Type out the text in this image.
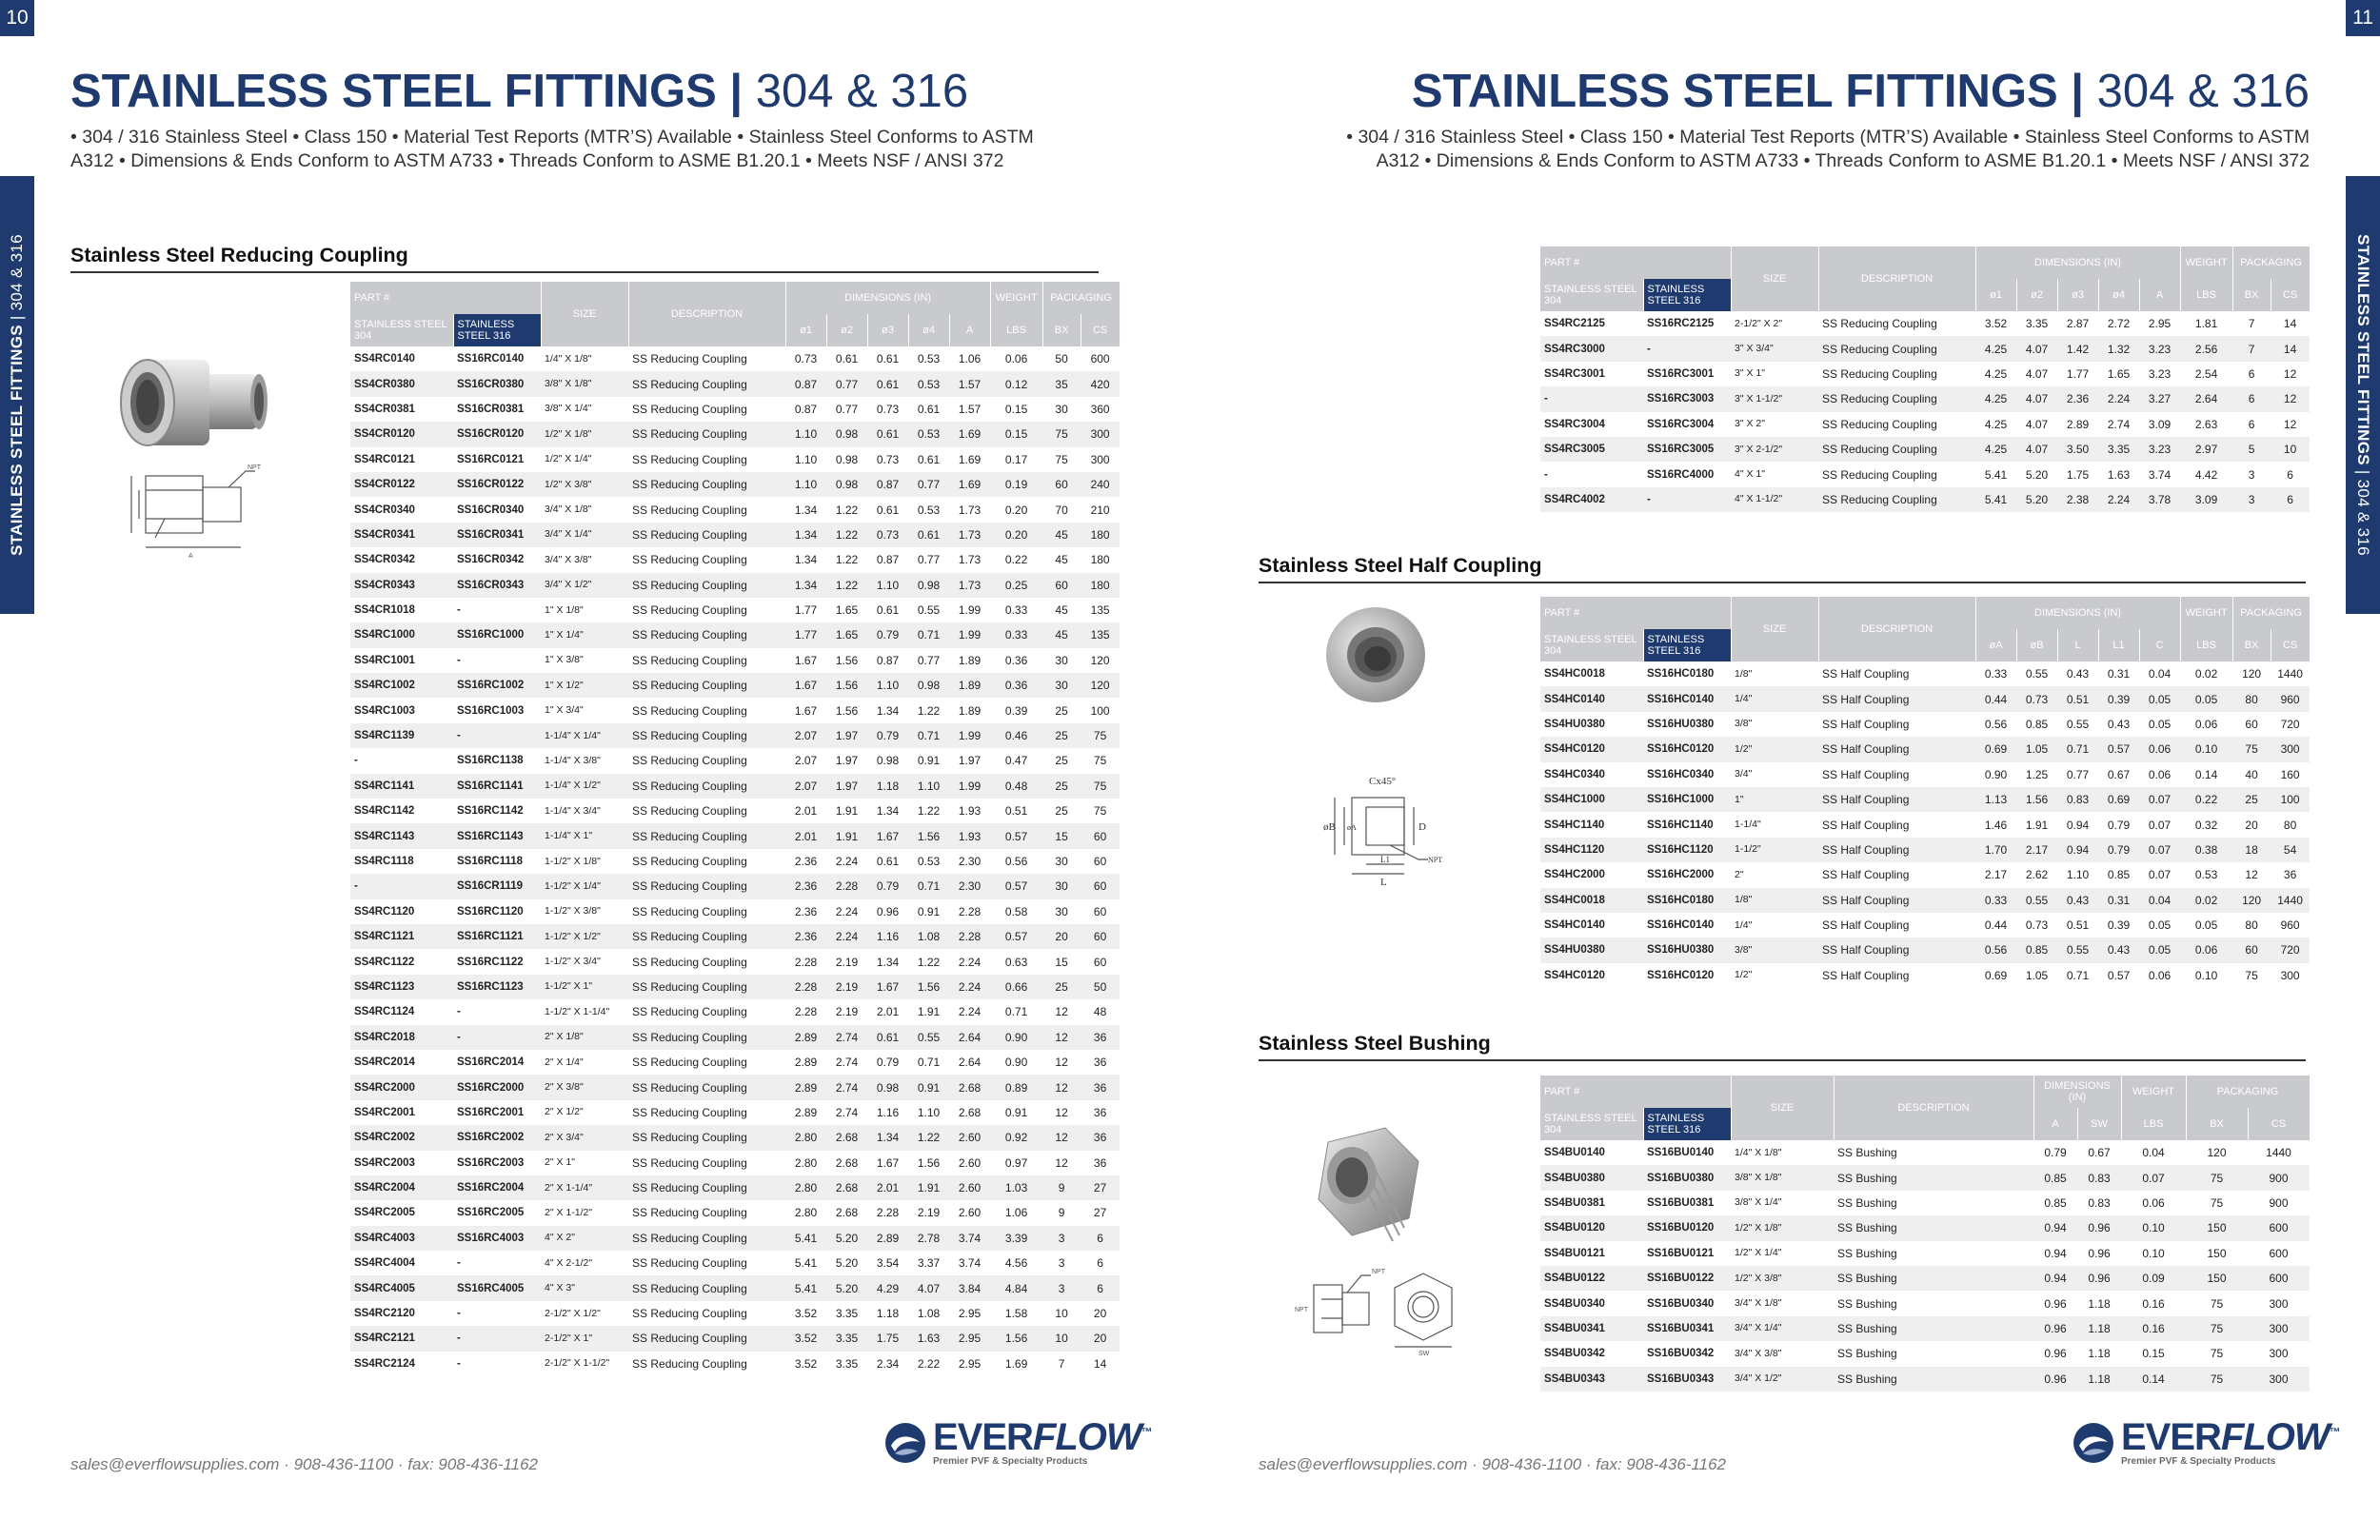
10	11
STAINLESS STEEL FITTINGS | 304 & 316	STAINLESS STEEL FITTINGS | 304 & 316
STAINLESS STEEL FITTINGS | 304 & 316	STAINLESS STEEL FITTINGS | 304 & 316
• 304 / 316 Stainless Steel • Class 150 • Material Test Reports (MTR’S) Available • Stainless Steel Conforms to ASTM
A312 • Dimensions & Ends Conform to ASTM A733 • Threads Conform to ASME B1.20.1 • Meets NSF / ANSI 372
• 304 / 316 Stainless Steel • Class 150 • Material Test Reports (MTR’S) Available • Stainless Steel Conforms to ASTM
A312 • Dimensions & Ends Conform to ASTM A733 • Threads Conform to ASME B1.20.1 • Meets NSF / ANSI 372
Stainless Steel Reducing Coupling
Stainless Steel Half Coupling
Stainless Steel Bushing
A
NPT
Cx45°
øB øA	D
L
L1	NPT
NPT
NPT
SW
PART #		SIZE	DESCRIPTION	DIMENSIONS (IN)					WEIGHT	PACKAGING	
STAINLESS STEEL 304	STAINLESS STEEL 316			ø1	ø2	ø3	ø4	A	LBS	BX	CS
SS4RC0140	SS16RC0140	1/4" X 1/8"	SS Reducing Coupling	0.73	0.61	0.61	0.53	1.06	0.06	50	600
SS4CR0380	SS16CR0380	3/8" X 1/8"	SS Reducing Coupling	0.87	0.77	0.61	0.53	1.57	0.12	35	420
SS4CR0381	SS16CR0381	3/8" X 1/4"	SS Reducing Coupling	0.87	0.77	0.73	0.61	1.57	0.15	30	360
SS4CR0120	SS16CR0120	1/2" X 1/8"	SS Reducing Coupling	1.10	0.98	0.61	0.53	1.69	0.15	75	300
SS4RC0121	SS16RC0121	1/2" X 1/4"	SS Reducing Coupling	1.10	0.98	0.73	0.61	1.69	0.17	75	300
SS4CR0122	SS16CR0122	1/2" X 3/8"	SS Reducing Coupling	1.10	0.98	0.87	0.77	1.69	0.19	60	240
SS4CR0340	SS16CR0340	3/4" X 1/8"	SS Reducing Coupling	1.34	1.22	0.61	0.53	1.73	0.20	70	210
SS4CR0341	SS16CR0341	3/4" X 1/4"	SS Reducing Coupling	1.34	1.22	0.73	0.61	1.73	0.20	45	180
SS4CR0342	SS16CR0342	3/4" X 3/8"	SS Reducing Coupling	1.34	1.22	0.87	0.77	1.73	0.22	45	180
SS4CR0343	SS16CR0343	3/4" X 1/2"	SS Reducing Coupling	1.34	1.22	1.10	0.98	1.73	0.25	60	180
SS4CR1018	-	1" X 1/8"	SS Reducing Coupling	1.77	1.65	0.61	0.55	1.99	0.33	45	135
SS4RC1000	SS16RC1000	1" X 1/4"	SS Reducing Coupling	1.77	1.65	0.79	0.71	1.99	0.33	45	135
SS4RC1001	-	1" X 3/8"	SS Reducing Coupling	1.67	1.56	0.87	0.77	1.89	0.36	30	120
SS4RC1002	SS16RC1002	1" X 1/2"	SS Reducing Coupling	1.67	1.56	1.10	0.98	1.89	0.36	30	120
SS4RC1003	SS16RC1003	1" X 3/4"	SS Reducing Coupling	1.67	1.56	1.34	1.22	1.89	0.39	25	100
SS4RC1139	-	1-1/4" X 1/4"	SS Reducing Coupling	2.07	1.97	0.79	0.71	1.99	0.46	25	75
-	SS16RC1138	1-1/4" X 3/8"	SS Reducing Coupling	2.07	1.97	0.98	0.91	1.97	0.47	25	75
SS4RC1141	SS16RC1141	1-1/4" X 1/2"	SS Reducing Coupling	2.07	1.97	1.18	1.10	1.99	0.48	25	75
SS4RC1142	SS16RC1142	1-1/4" X 3/4"	SS Reducing Coupling	2.01	1.91	1.34	1.22	1.93	0.51	25	75
SS4RC1143	SS16RC1143	1-1/4" X 1"	SS Reducing Coupling	2.01	1.91	1.67	1.56	1.93	0.57	15	60
SS4RC1118	SS16RC1118	1-1/2" X 1/8"	SS Reducing Coupling	2.36	2.24	0.61	0.53	2.30	0.56	30	60
-	SS16CR1119	1-1/2" X 1/4"	SS Reducing Coupling	2.36	2.28	0.79	0.71	2.30	0.57	30	60
SS4RC1120	SS16RC1120	1-1/2" X 3/8"	SS Reducing Coupling	2.36	2.24	0.96	0.91	2.28	0.58	30	60
SS4RC1121	SS16RC1121	1-1/2" X 1/2"	SS Reducing Coupling	2.36	2.24	1.16	1.08	2.28	0.57	20	60
SS4RC1122	SS16RC1122	1-1/2" X 3/4"	SS Reducing Coupling	2.28	2.19	1.34	1.22	2.24	0.63	15	60
SS4RC1123	SS16RC1123	1-1/2" X 1"	SS Reducing Coupling	2.28	2.19	1.67	1.56	2.24	0.66	25	50
SS4RC1124	-	1-1/2" X 1-1/4"	SS Reducing Coupling	2.28	2.19	2.01	1.91	2.24	0.71	12	48
SS4RC2018	-	2" X 1/8"	SS Reducing Coupling	2.89	2.74	0.61	0.55	2.64	0.90	12	36
SS4RC2014	SS16RC2014	2" X 1/4"	SS Reducing Coupling	2.89	2.74	0.79	0.71	2.64	0.90	12	36
SS4RC2000	SS16RC2000	2" X 3/8"	SS Reducing Coupling	2.89	2.74	0.98	0.91	2.68	0.89	12	36
SS4RC2001	SS16RC2001	2" X 1/2"	SS Reducing Coupling	2.89	2.74	1.16	1.10	2.68	0.91	12	36
SS4RC2002	SS16RC2002	2" X 3/4"	SS Reducing Coupling	2.80	2.68	1.34	1.22	2.60	0.92	12	36
SS4RC2003	SS16RC2003	2" X 1"	SS Reducing Coupling	2.80	2.68	1.67	1.56	2.60	0.97	12	36
SS4RC2004	SS16RC2004	2" X 1-1/4"	SS Reducing Coupling	2.80	2.68	2.01	1.91	2.60	1.03	9	27
SS4RC2005	SS16RC2005	2" X 1-1/2"	SS Reducing Coupling	2.80	2.68	2.28	2.19	2.60	1.06	9	27
SS4RC4003	SS16RC4003	4" X 2"	SS Reducing Coupling	5.41	5.20	2.89	2.78	3.74	3.39	3	6
SS4RC4004	-	4" X 2-1/2"	SS Reducing Coupling	5.41	5.20	3.54	3.37	3.74	4.56	3	6
SS4RC4005	SS16RC4005	4" X 3"	SS Reducing Coupling	5.41	5.20	4.29	4.07	3.84	4.84	3	6
SS4RC2120	-	2-1/2" X 1/2"	SS Reducing Coupling	3.52	3.35	1.18	1.08	2.95	1.58	10	20
SS4RC2121	-	2-1/2" X 1"	SS Reducing Coupling	3.52	3.35	1.75	1.63	2.95	1.56	10	20
SS4RC2124	-	2-1/2" X 1-1/2"	SS Reducing Coupling	3.52	3.35	2.34	2.22	2.95	1.69	7	14
PART #		SIZE	DESCRIPTION	DIMENSIONS (IN)					WEIGHT	PACKAGING	
STAINLESS STEEL 304	STAINLESS STEEL 316			ø1	ø2	ø3	ø4	A	LBS	BX	CS
SS4RC2125	SS16RC2125	2-1/2" X 2"	SS Reducing Coupling	3.52	3.35	2.87	2.72	2.95	1.81	7	14
SS4RC3000	-	3" X 3/4"	SS Reducing Coupling	4.25	4.07	1.42	1.32	3.23	2.56	7	14
SS4RC3001	SS16RC3001	3" X 1"	SS Reducing Coupling	4.25	4.07	1.77	1.65	3.23	2.54	6	12
-	SS16RC3003	3" X 1-1/2"	SS Reducing Coupling	4.25	4.07	2.36	2.24	3.27	2.64	6	12
SS4RC3004	SS16RC3004	3" X 2"	SS Reducing Coupling	4.25	4.07	2.89	2.74	3.09	2.63	6	12
SS4RC3005	SS16RC3005	3" X 2-1/2"	SS Reducing Coupling	4.25	4.07	3.50	3.35	3.23	2.97	5	10
-	SS16RC4000	4" X 1"	SS Reducing Coupling	5.41	5.20	1.75	1.63	3.74	4.42	3	6
SS4RC4002	-	4" X 1-1/2"	SS Reducing Coupling	5.41	5.20	2.38	2.24	3.78	3.09	3	6
PART #		SIZE	DESCRIPTION	DIMENSIONS (IN)					WEIGHT	PACKAGING	
STAINLESS STEEL 304	STAINLESS STEEL 316			øA	øB	L	L1	C	LBS	BX	CS
SS4HC0018	SS16HC0180	1/8"	SS Half Coupling	0.33	0.55	0.43	0.31	0.04	0.02	120	1440
SS4HC0140	SS16HC0140	1/4"	SS Half Coupling	0.44	0.73	0.51	0.39	0.05	0.05	80	960
SS4HU0380	SS16HU0380	3/8"	SS Half Coupling	0.56	0.85	0.55	0.43	0.05	0.06	60	720
SS4HC0120	SS16HC0120	1/2"	SS Half Coupling	0.69	1.05	0.71	0.57	0.06	0.10	75	300
SS4HC0340	SS16HC0340	3/4"	SS Half Coupling	0.90	1.25	0.77	0.67	0.06	0.14	40	160
SS4HC1000	SS16HC1000	1"	SS Half Coupling	1.13	1.56	0.83	0.69	0.07	0.22	25	100
SS4HC1140	SS16HC1140	1-1/4"	SS Half Coupling	1.46	1.91	0.94	0.79	0.07	0.32	20	80
SS4HC1120	SS16HC1120	1-1/2"	SS Half Coupling	1.70	2.17	0.94	0.79	0.07	0.38	18	54
SS4HC2000	SS16HC2000	2"	SS Half Coupling	2.17	2.62	1.10	0.85	0.07	0.53	12	36
SS4HC0018	SS16HC0180	1/8"	SS Half Coupling	0.33	0.55	0.43	0.31	0.04	0.02	120	1440
SS4HC0140	SS16HC0140	1/4"	SS Half Coupling	0.44	0.73	0.51	0.39	0.05	0.05	80	960
SS4HU0380	SS16HU0380	3/8"	SS Half Coupling	0.56	0.85	0.55	0.43	0.05	0.06	60	720
SS4HC0120	SS16HC0120	1/2"	SS Half Coupling	0.69	1.05	0.71	0.57	0.06	0.10	75	300
PART #		SIZE	DESCRIPTION	DIMENSIONS (IN)		WEIGHT	PACKAGING	
STAINLESS STEEL 304	STAINLESS STEEL 316			A	SW	LBS	BX	CS
SS4BU0140	SS16BU0140	1/4" X 1/8"	SS Bushing	0.79	0.67	0.04	120	1440
SS4BU0380	SS16BU0380	3/8" X 1/8"	SS Bushing	0.85	0.83	0.07	75	900
SS4BU0381	SS16BU0381	3/8" X 1/4"	SS Bushing	0.85	0.83	0.06	75	900
SS4BU0120	SS16BU0120	1/2" X 1/8"	SS Bushing	0.94	0.96	0.10	150	600
SS4BU0121	SS16BU0121	1/2" X 1/4"	SS Bushing	0.94	0.96	0.10	150	600
SS4BU0122	SS16BU0122	1/2" X 3/8"	SS Bushing	0.94	0.96	0.09	150	600
SS4BU0340	SS16BU0340	3/4" X 1/8"	SS Bushing	0.96	1.18	0.16	75	300
SS4BU0341	SS16BU0341	3/4" X 1/4"	SS Bushing	0.96	1.18	0.16	75	300
SS4BU0342	SS16BU0342	3/4" X 3/8"	SS Bushing	0.96	1.18	0.15	75	300
SS4BU0343	SS16BU0343	3/4" X 1/2"	SS Bushing	0.96	1.18	0.14	75	300
sales@everflowsupplies.com · 908-436-1100 · fax: 908-436-1162	sales@everflowsupplies.com · 908-436-1100 · fax: 908-436-1162
EVERFLOW™
Premier PVF & Specialty Products
EVERFLOW™
Premier PVF & Specialty Products
